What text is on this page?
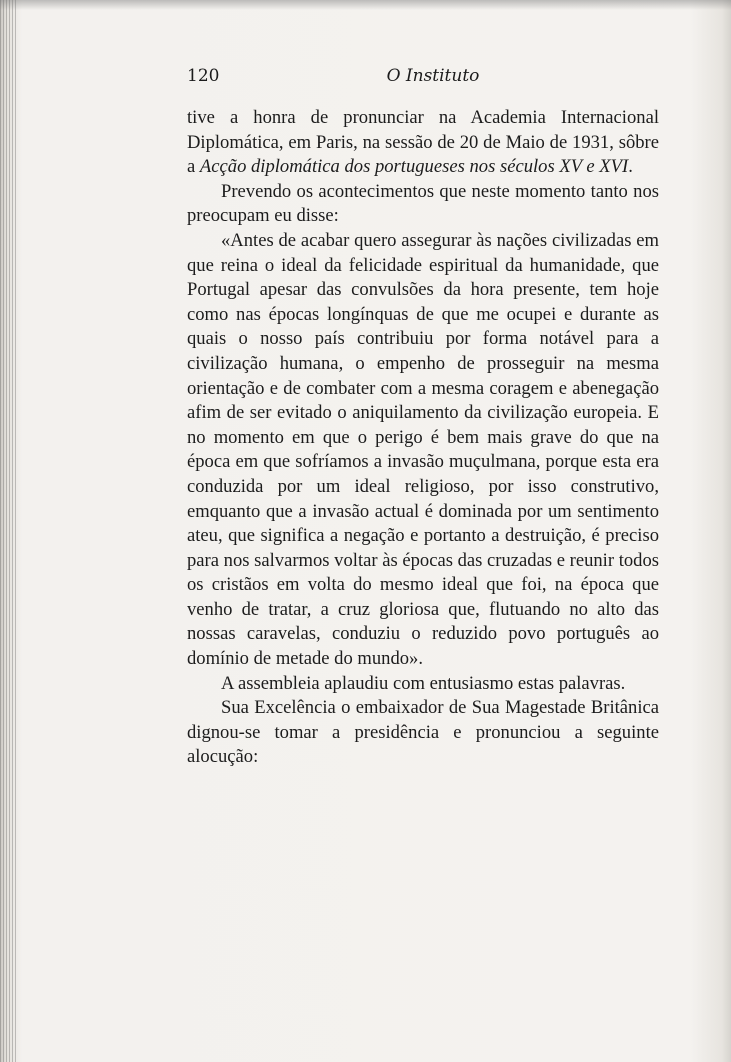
120	O Instituto

tive a honra de pronunciar na Academia Internacional Diplomática, em Paris, na sessão de 20 de Maio de 1931, sôbre a Acção diplomática dos portugueses nos séculos XV e XVI.

Prevendo os acontecimentos que neste momento tanto nos preocupam eu disse:

«Antes de acabar quero assegurar às nações civilizadas em que reina o ideal da felicidade espiritual da humanidade, que Portugal apesar das convulsões da hora presente, tem hoje como nas épocas longínquas de que me ocupei e durante as quais o nosso país contribuiu por forma notável para a civilização humana, o empenho de prosseguir na mesma orientação e de combater com a mesma coragem e abenegação afim de ser evitado o aniquilamento da civilização europeia. E no momento em que o perigo é bem mais grave do que na época em que sofríamos a invasão muçulmana, porque esta era conduzida por um ideal religioso, por isso construtivo, emquanto que a invasão actual é dominada por um sentimento ateu, que significa a negação e portanto a destruição, é preciso para nos salvarmos voltar às épocas das cruzadas e reunir todos os cristãos em volta do mesmo ideal que foi, na época que venho de tratar, a cruz gloriosa que, flutuando no alto das nossas caravelas, conduziu o reduzido povo português ao domínio de metade do mundo».

A assembleia aplaudiu com entusiasmo estas palavras.

Sua Excelência o embaixador de Sua Magestade Britânica dignou-se tomar a presidência e pronunciou a seguinte alocução:
